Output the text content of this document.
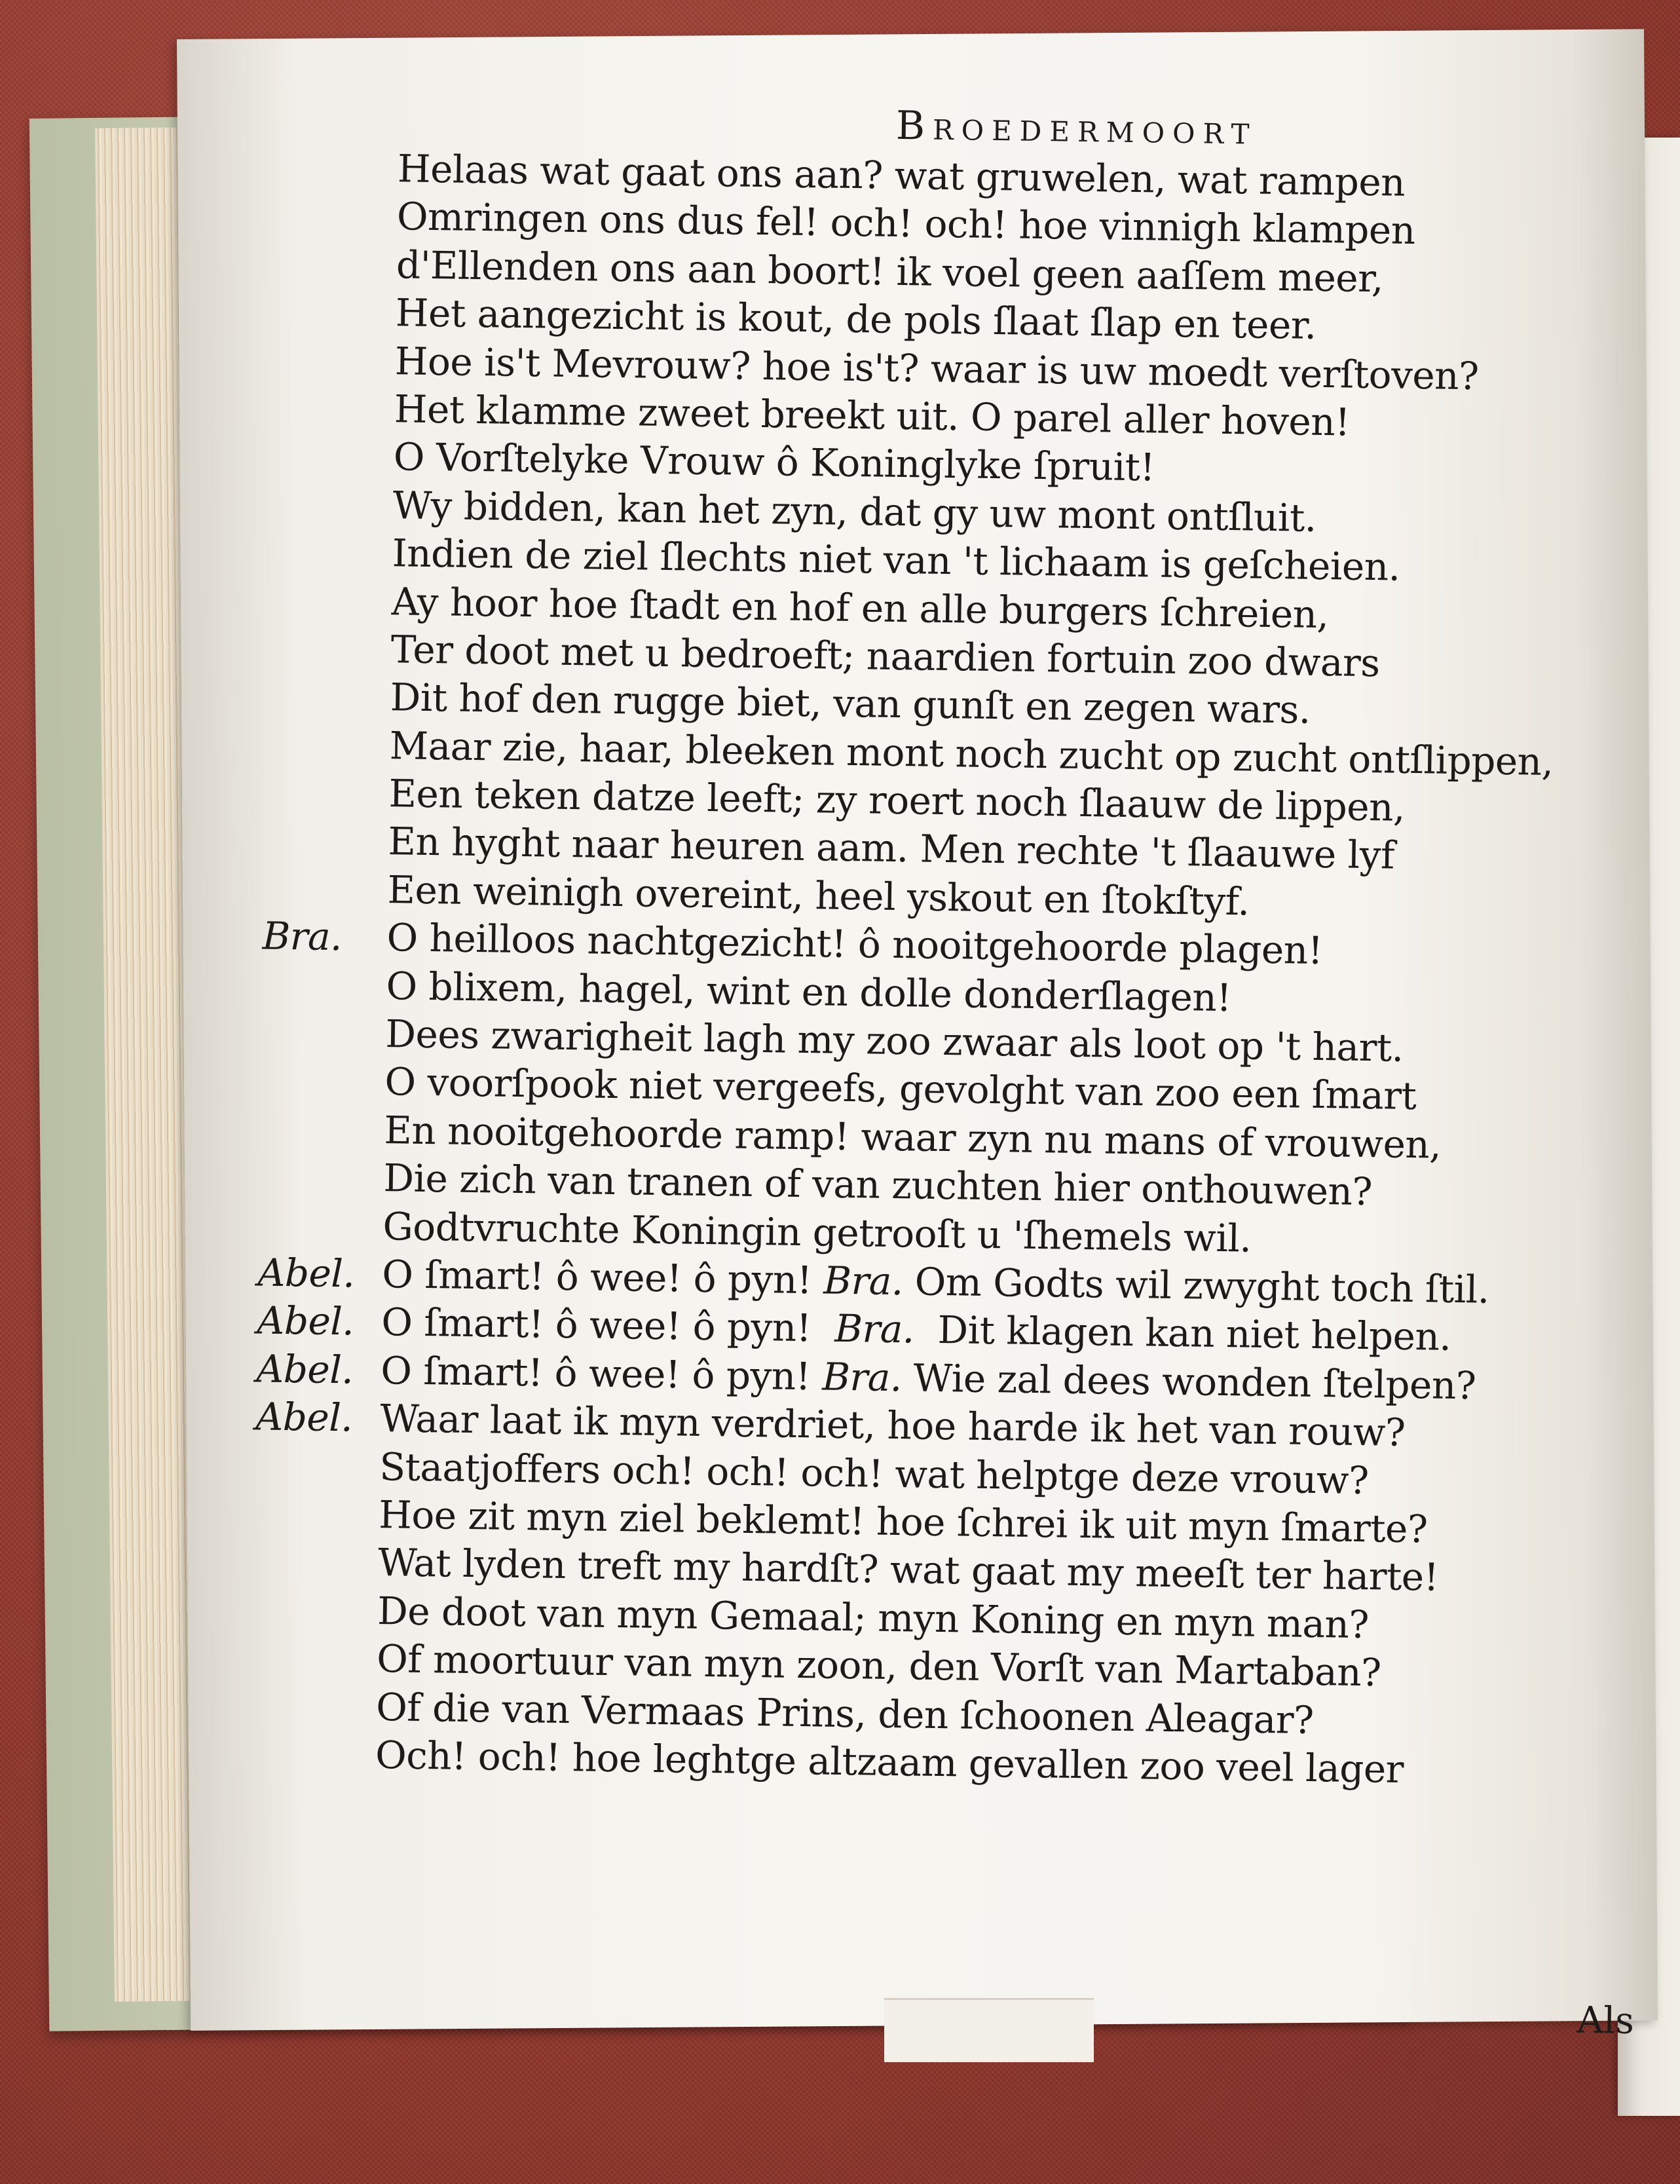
Broedermoort
Helaas wat gaat ons aan? wat gruwelen, wat rampen
Omringen ons dus fel! och! och! hoe vinnigh klampen
d'Ellenden ons aan boort! ik voel geen aaſſem meer,
Het aangezicht is kout, de pols ſlaat ſlap en teer.
Hoe is't Mevrouw? hoe is't? waar is uw moedt verſtoven?
Het klamme zweet breekt uit. O parel aller hoven!
O Vorſtelyke Vrouw ô Koninglyke ſpruit!
Wy bidden, kan het zyn, dat gy uw mont ontſluit.
Indien de ziel ſlechts niet van 't lichaam is geſcheien.
Ay hoor hoe ſtadt en hof en alle burgers ſchreien,
Ter doot met u bedroeft; naardien fortuin zoo dwars
Dit hof den rugge biet, van gunſt en zegen wars.
Maar zie, haar, bleeken mont noch zucht op zucht ontſlippen,
Een teken datze leeft; zy roert noch ſlaauw de lippen,
En hyght naar heuren aam. Men rechte 't ſlaauwe lyf
Een weinigh overeint, heel yskout en ſtokſtyf.
Bra. O heilloos nachtgezicht! ô nooitgehoorde plagen!
O blixem, hagel, wint en dolle donderſlagen!
Dees zwarigheit lagh my zoo zwaar als loot op 't hart.
O voorſpook niet vergeefs, gevolght van zoo een ſmart
En nooitgehoorde ramp! waar zyn nu mans of vrouwen,
Die zich van tranen of van zuchten hier onthouwen?
Godtvruchte Koningin getrooſt u 'ſhemels wil.
Abel. O ſmart! ô wee! ô pyn! Bra. Om Godts wil zwyght toch ſtil.
Abel. O ſmart! ô wee! ô pyn!  Bra.  Dit klagen kan niet helpen.
Abel. O ſmart! ô wee! ô pyn! Bra. Wie zal dees wonden ſtelpen?
Abel. Waar laat ik myn verdriet, hoe harde ik het van rouw?
Staatjoffers och! och! och! wat helptge deze vrouw?
Hoe zit myn ziel beklemt! hoe ſchrei ik uit myn ſmarte?
Wat lyden treft my hardſt? wat gaat my meeſt ter harte!
De doot van myn Gemaal; myn Koning en myn man?
Of moortuur van myn zoon, den Vorſt van Martaban?
Of die van Vermaas Prins, den ſchoonen Aleagar?
Och! och! hoe leghtge altzaam gevallen zoo veel lager
Als
